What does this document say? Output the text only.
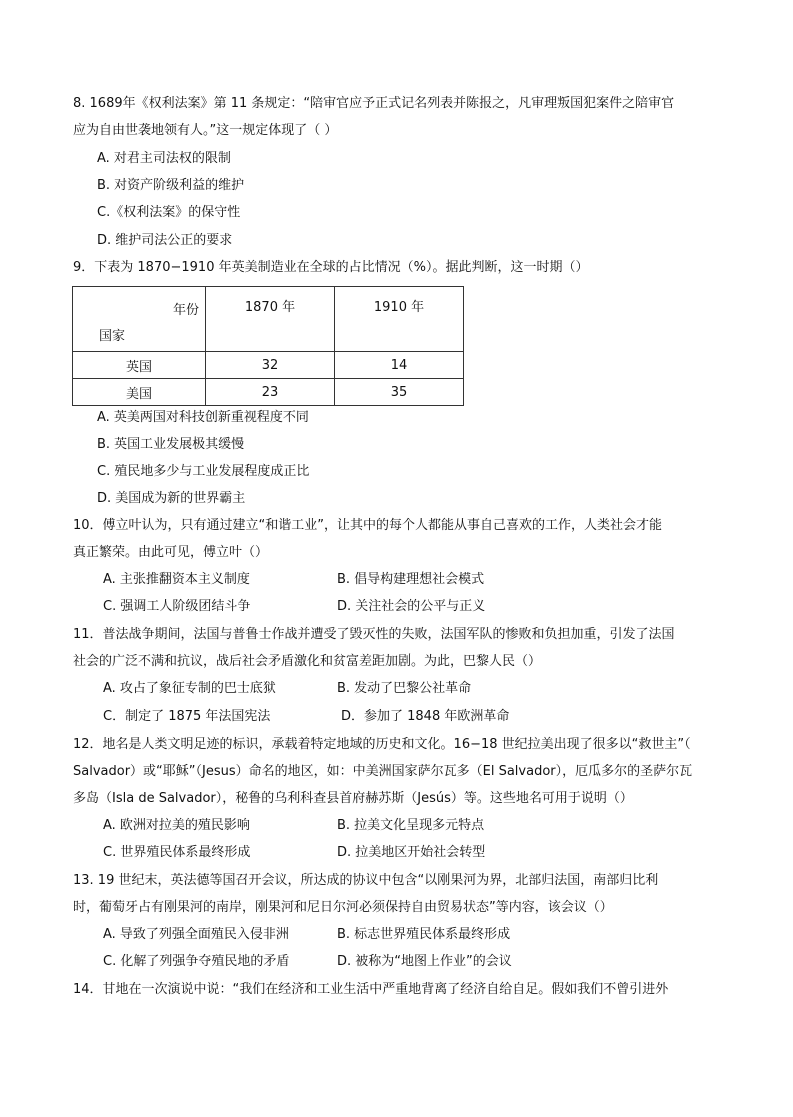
8. 1689年《权利法案》第 11 条规定：“陪审官应予正式记名列表并陈报之，凡审理叛国犯案件之陪审官
应为自由世袭地领有人。”这一规定体现了（ ）
A. 对君主司法权的限制
B. 对资产阶级利益的维护
C.《权利法案》的保守性
D. 维护司法公正的要求
9．下表为 1870−1910 年英美制造业在全球的占比情况（%）。据此判断，这一时期（）
年份
国家	1870 年	1910 年

英国	32	14
美国	23	35
A. 英美两国对科技创新重视程度不同
B. 英国工业发展极其缓慢
C. 殖民地多少与工业发展程度成正比
D. 美国成为新的世界霸主
10．傅立叶认为，只有通过建立“和谐工业”，让其中的每个人都能从事自己喜欢的工作，人类社会才能
真正繁荣。由此可见，傅立叶（）
A. 主张推翻资本主义制度	B. 倡导构建理想社会模式
C. 强调工人阶级团结斗争	D. 关注社会的公平与正义
11．普法战争期间，法国与普鲁士作战并遭受了毁灭性的失败，法国军队的惨败和负担加重，引发了法国
社会的广泛不满和抗议，战后社会矛盾激化和贫富差距加剧。为此，巴黎人民（）
A. 攻占了象征专制的巴士底狱	B. 发动了巴黎公社革命
C．制定了 1875 年法国宪法	D．参加了 1848 年欧洲革命
12．地名是人类文明足迹的标识，承载着特定地域的历史和文化。16−18 世纪拉美出现了很多以“救世主”（
Salvador）或“耶稣”（Jesus）命名的地区，如：中美洲国家萨尔瓦多（El Salvador），厄瓜多尔的圣萨尔瓦
多岛（Isla de Salvador），秘鲁的乌利科查县首府赫苏斯（Jesús）等。这些地名可用于说明（）
A. 欧洲对拉美的殖民影响	B. 拉美文化呈现多元特点
C. 世界殖民体系最终形成	D. 拉美地区开始社会转型
13. 19 世纪末，英法德等国召开会议，所达成的协议中包含“以刚果河为界，北部归法国，南部归比利
时，葡萄牙占有刚果河的南岸，刚果河和尼日尔河必须保持自由贸易状态”等内容，该会议（）
A. 导致了列强全面殖民入侵非洲	B. 标志世界殖民体系最终形成
C. 化解了列强争夺殖民地的矛盾	D. 被称为“地图上作业”的会议
14．甘地在一次演说中说：“我们在经济和工业生活中严重地背离了经济自给自足。假如我们不曾引进外
